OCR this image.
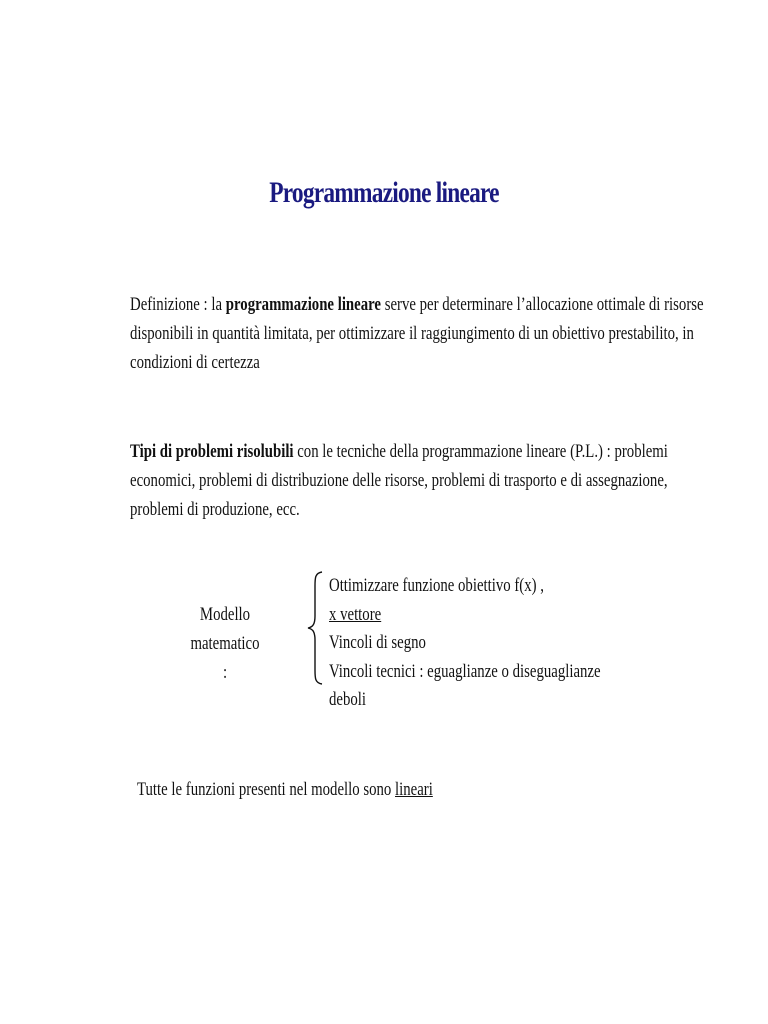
Programmazione lineare

Definizione : la programmazione lineare serve per determinare l’allocazione ottimale di risorse
disponibili in quantità limitata, per ottimizzare il raggiungimento di un obiettivo prestabilito, in
condizioni di certezza

Tipi di problemi risolubili con le tecniche della programmazione lineare (P.L.) : problemi
economici, problemi di distribuzione delle risorse, problemi di trasporto e di assegnazione,
problemi di produzione, ecc.

Modello
matematico :
Ottimizzare funzione obiettivo f(x) ,
x vettore
Vincoli di segno
Vincoli tecnici : eguaglianze o diseguaglianze
deboli
Tutte le funzioni presenti nel modello sono lineari
